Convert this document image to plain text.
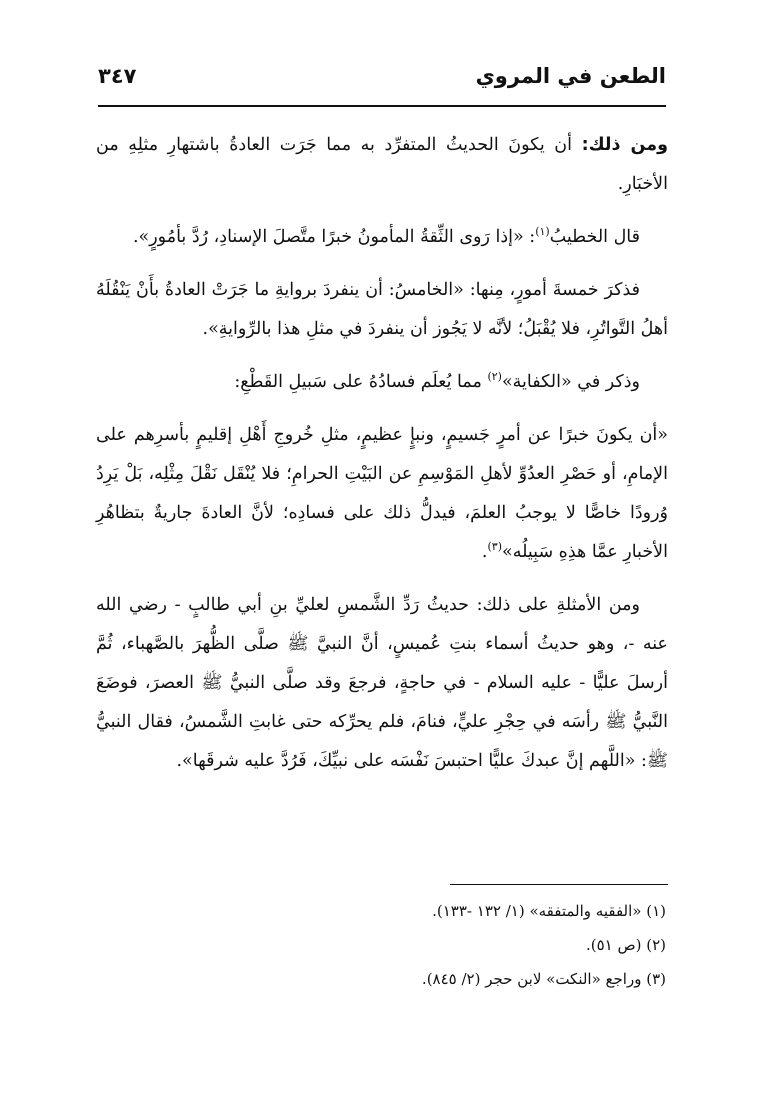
الطعن في المروي
٣٤٧

ومن ذلك: أن يكونَ الحديثُ المتفرِّد به مما جَرَت العادةُ باشتهارِ مثلِهِ من الأخبَارِ.

قال الخطيبُ$^{(١)}$: «إذا رَوى الثِّقةُ المأمونُ خبرًا متَّصلَ الإسنادِ، رُدَّ بأمُورٍ».

فذكرَ خمسةَ أمورٍ، مِنها: «الخامسُ: أن ينفردَ بروايةِ ما جَرَتْ العادةُ بأَنْ يَنْقُلَهُ أهلُ التَّواتُرِ، فلا يُقْبَلُ؛ لأنَّه لا يَجُوز أن ينفردَ في مثلِ هذا بالرِّوايةِ».

وذكر في «الكفاية»$^{(٢)}$ مما يُعلَم فسادُهُ على سَبيلِ القَطْعِ:

«أن يكونَ خبرًا عن أمرٍ جَسيمٍ، ونبإٍ عظيمٍ، مثلِ خُروجِ أَهْلِ إقليمٍ بأسرِهم على الإمامِ، أو حَصْرِ العدُوِّ لأهلِ المَوْسِمِ عن البَيْتِ الحرامِ؛ فلا يُنْقَل نَقْلَ مِثْلِه، بَلْ يَرِدُ وُرودًا خاصًّا لا يوجبُ العلمَ، فيدلُّ ذلك على فسادِه؛ لأنَّ العادةَ جاريةٌ بتظاهُرِ الأخبارِ عمَّا هذِهِ سَبِيلُه»$^{(٣)}$.

ومن الأمثلةِ على ذلك: حديثُ رَدِّ الشَّمسِ لعليِّ بنِ أبي طالبٍ - رضي الله عنه -، وهو حديثُ أسماء بنتِ عُميسٍ، أنَّ النبيَّ ﷺ صلَّى الظُّهرَ بالصَّهباء، ثُمَّ أرسلَ عليًّا - عليه السلام - في حاجةٍ، فرجعَ وقد صلَّى النبيُّ ﷺ العصرَ، فوضَعَ النَّبيُّ ﷺ رأسَه في حِجْرِ عليٍّ، فنامَ، فلم يحرِّكه حتى غابتِ الشَّمسُ، فقال النبيُّ ﷺ: «اللَّهم إنَّ عبدكَ عليًّا احتبسَ نَفْسَه على نبيِّكَ، فَرُدَّ عليه شرقَها».

(١) «الفقيه والمتفقه» (١/ ١٣٢ -١٣٣).

(٢) (ص ٥١).

(٣) وراجع «النكت» لابن حجر (٢/ ٨٤٥).
